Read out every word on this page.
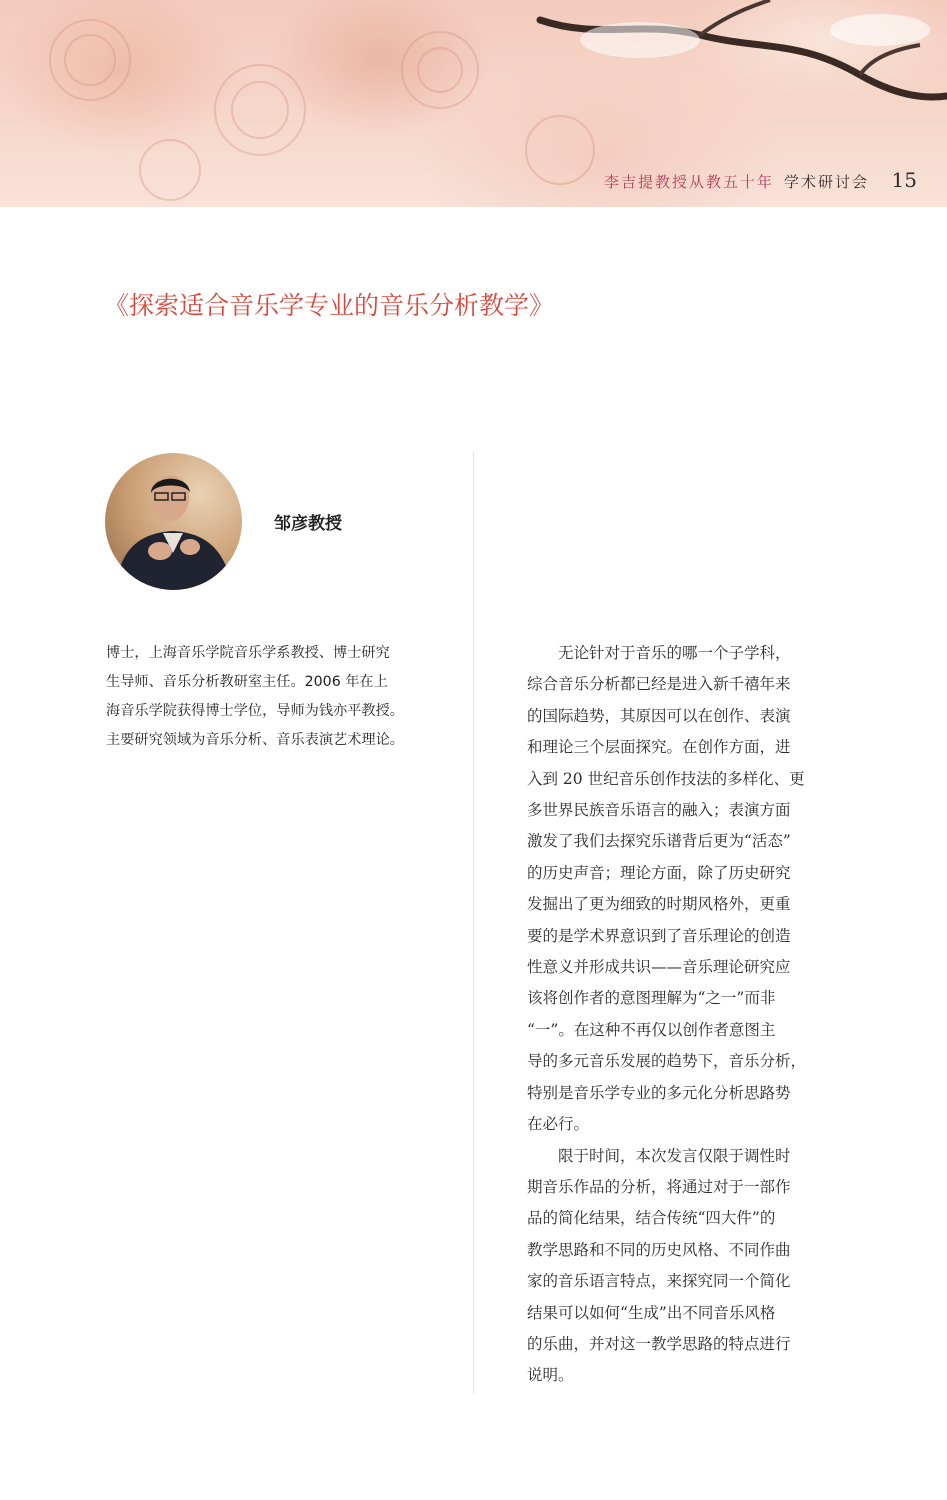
李吉提教授从教五十年 学术研讨会 15
《探索适合音乐学专业的音乐分析教学》
邹彦教授
博士，上海音乐学院音乐学系教授、博士研究
生导师、音乐分析教研室主任。2006 年在上
海音乐学院获得博士学位，导师为钱亦平教授。
主要研究领域为音乐分析、音乐表演艺术理论。
　　无论针对于音乐的哪一个子学科，
综合音乐分析都已经是进入新千禧年来
的国际趋势，其原因可以在创作、表演
和理论三个层面探究。在创作方面，进
入到 20 世纪音乐创作技法的多样化、更
多世界民族音乐语言的融入；表演方面
激发了我们去探究乐谱背后更为“活态”
的历史声音；理论方面，除了历史研究
发掘出了更为细致的时期风格外，更重
要的是学术界意识到了音乐理论的创造
性意义并形成共识——音乐理论研究应
该将创作者的意图理解为“之一”而非
“一”。在这种不再仅以创作者意图主
导的多元音乐发展的趋势下，音乐分析，
特别是音乐学专业的多元化分析思路势
在必行。
　　限于时间，本次发言仅限于调性时
期音乐作品的分析，将通过对于一部作
品的简化结果，结合传统“四大件”的
教学思路和不同的历史风格、不同作曲
家的音乐语言特点，来探究同一个简化
结果可以如何“生成”出不同音乐风格
的乐曲，并对这一教学思路的特点进行
说明。
